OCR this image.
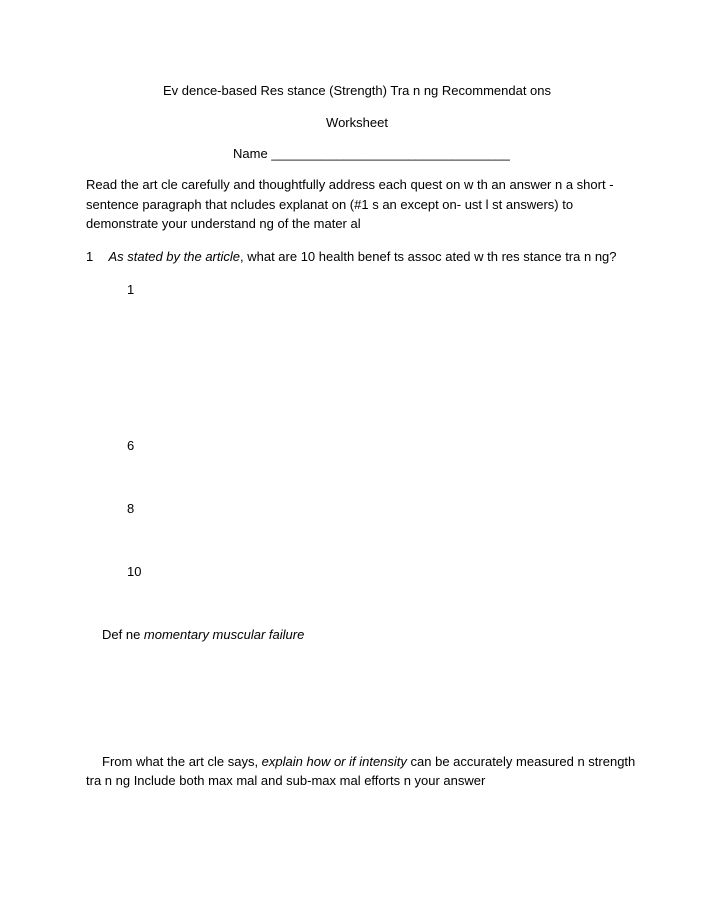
Ev dence-based Res stance (Strength) Tra n ng Recommendat ons
Worksheet
Name _________________________________
Read the art cle carefully and thoughtfully address each quest on w th an answer n a short -
sentence paragraph that ncludes explanat on (#1 s an except on- ust l st answers) to
demonstrate your understand ng of the mater al
1 As stated by the article, what are 10 health benef ts assoc ated w th res stance tra n ng?
1
6
8
10
Def ne momentary muscular failure
From what the art cle says, explain how or if intensity can be accurately measured n strength
tra n ng Include both max mal and sub-max mal efforts n your answer
